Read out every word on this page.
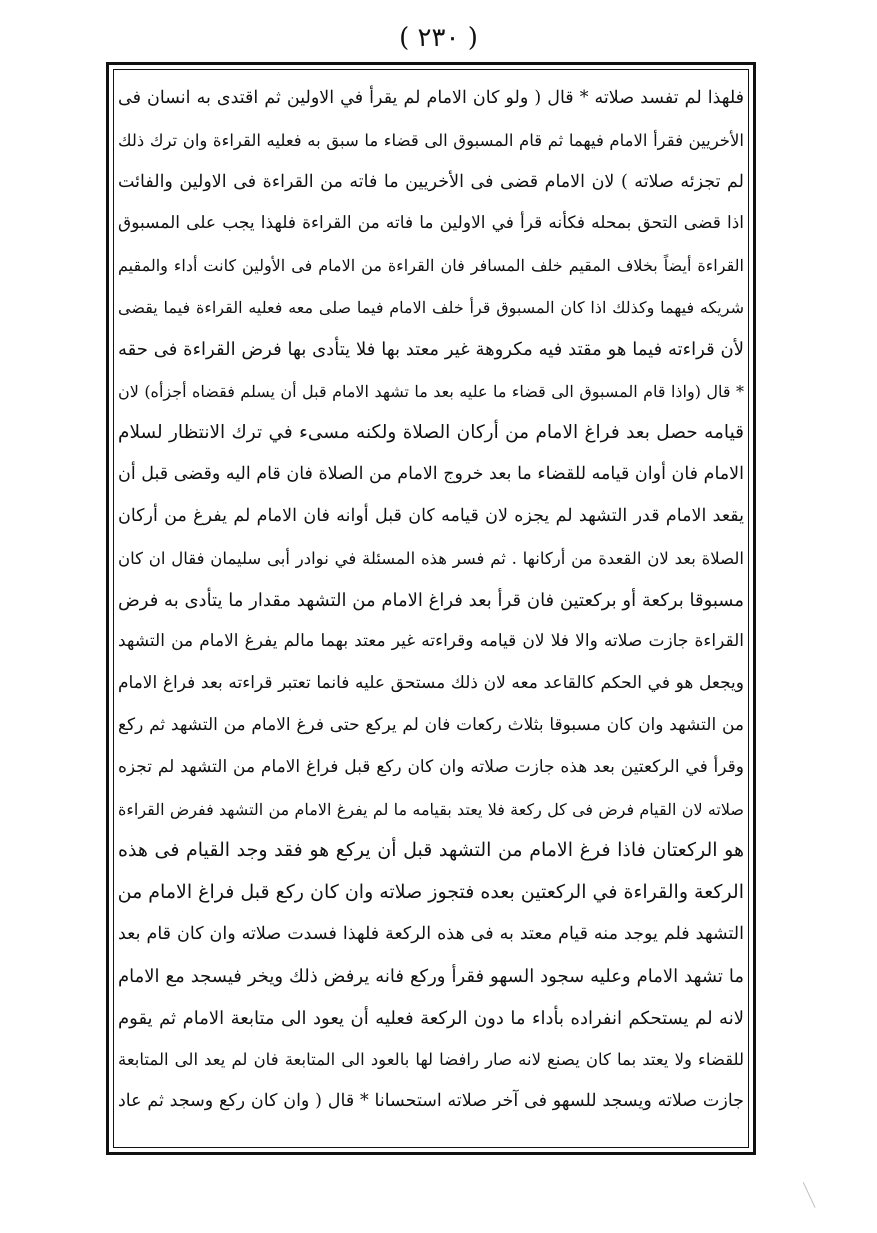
( ٢٣٠ )
فلهذا لم تفسد صلاته * قال ( ولو كان الامام لم يقرأ في الاولين ثم اقتدى به انسان فى
الأخريين فقرأ الامام فيهما ثم قام المسبوق الى قضاء ما سبق به فعليه القراءة وان ترك ذلك
لم تجزئه صلاته ) لان الامام قضى فى الأخريين ما فاته من القراءة فى الاولين والفائت
اذا قضى التحق بمحله فكأنه قرأ في الاولين ما فاته من القراءة فلهذا يجب على المسبوق
القراءة أيضاً بخلاف المقيم خلف المسافر فان القراءة من الامام فى الأولين كانت أداء والمقيم
شريكه فيهما وكذلك اذا كان المسبوق قرأ خلف الامام فيما صلى معه فعليه القراءة فيما يقضى
لأن قراءته فيما هو مقتد فيه مكروهة غير معتد بها فلا يتأدى بها فرض القراءة فى حقه
* قال (واذا قام المسبوق الى قضاء ما عليه بعد ما تشهد الامام قبل أن يسلم فقضاه أجزأه) لان
قيامه حصل بعد فراغ الامام من أركان الصلاة ولكنه مسىء في ترك الانتظار لسلام
الامام فان أوان قيامه للقضاء ما بعد خروج الامام من الصلاة فان قام اليه وقضى قبل أن
يقعد الامام قدر التشهد لم يجزه لان قيامه كان قبل أوانه فان الامام لم يفرغ من أركان
الصلاة بعد لان القعدة من أركانها . ثم فسر هذه المسئلة في نوادر أبى سليمان فقال ان كان
مسبوقا بركعة أو بركعتين فان قرأ بعد فراغ الامام من التشهد مقدار ما يتأدى به فرض
القراءة جازت صلاته والا فلا لان قيامه وقراءته غير معتد بهما مالم يفرغ الامام من التشهد
ويجعل هو في الحكم كالقاعد معه لان ذلك مستحق عليه فانما تعتبر قراءته بعد فراغ الامام
من التشهد وان كان مسبوقا بثلاث ركعات فان لم يركع حتى فرغ الامام من التشهد ثم ركع
وقرأ في الركعتين بعد هذه جازت صلاته وان كان ركع قبل فراغ الامام من التشهد لم تجزه
صلاته لان القيام فرض فى كل ركعة فلا يعتد بقيامه ما لم يفرغ الامام من التشهد ففرض القراءة
هو الركعتان فاذا فرغ الامام من التشهد قبل أن يركع هو فقد وجد القيام فى هذه
الركعة والقراءة في الركعتين بعده فتجوز صلاته وان كان ركع قبل فراغ الامام من
التشهد فلم يوجد منه قيام معتد به فى هذه الركعة فلهذا فسدت صلاته وان كان قام بعد
ما تشهد الامام وعليه سجود السهو فقرأ وركع فانه يرفض ذلك ويخر فيسجد مع الامام
لانه لم يستحكم انفراده بأداء ما دون الركعة فعليه أن يعود الى متابعة الامام ثم يقوم
للقضاء ولا يعتد بما كان يصنع لانه صار رافضا لها بالعود الى المتابعة فان لم يعد الى المتابعة
جازت صلاته ويسجد للسهو فى آخر صلاته استحسانا * قال ( وان كان ركع وسجد ثم عاد
